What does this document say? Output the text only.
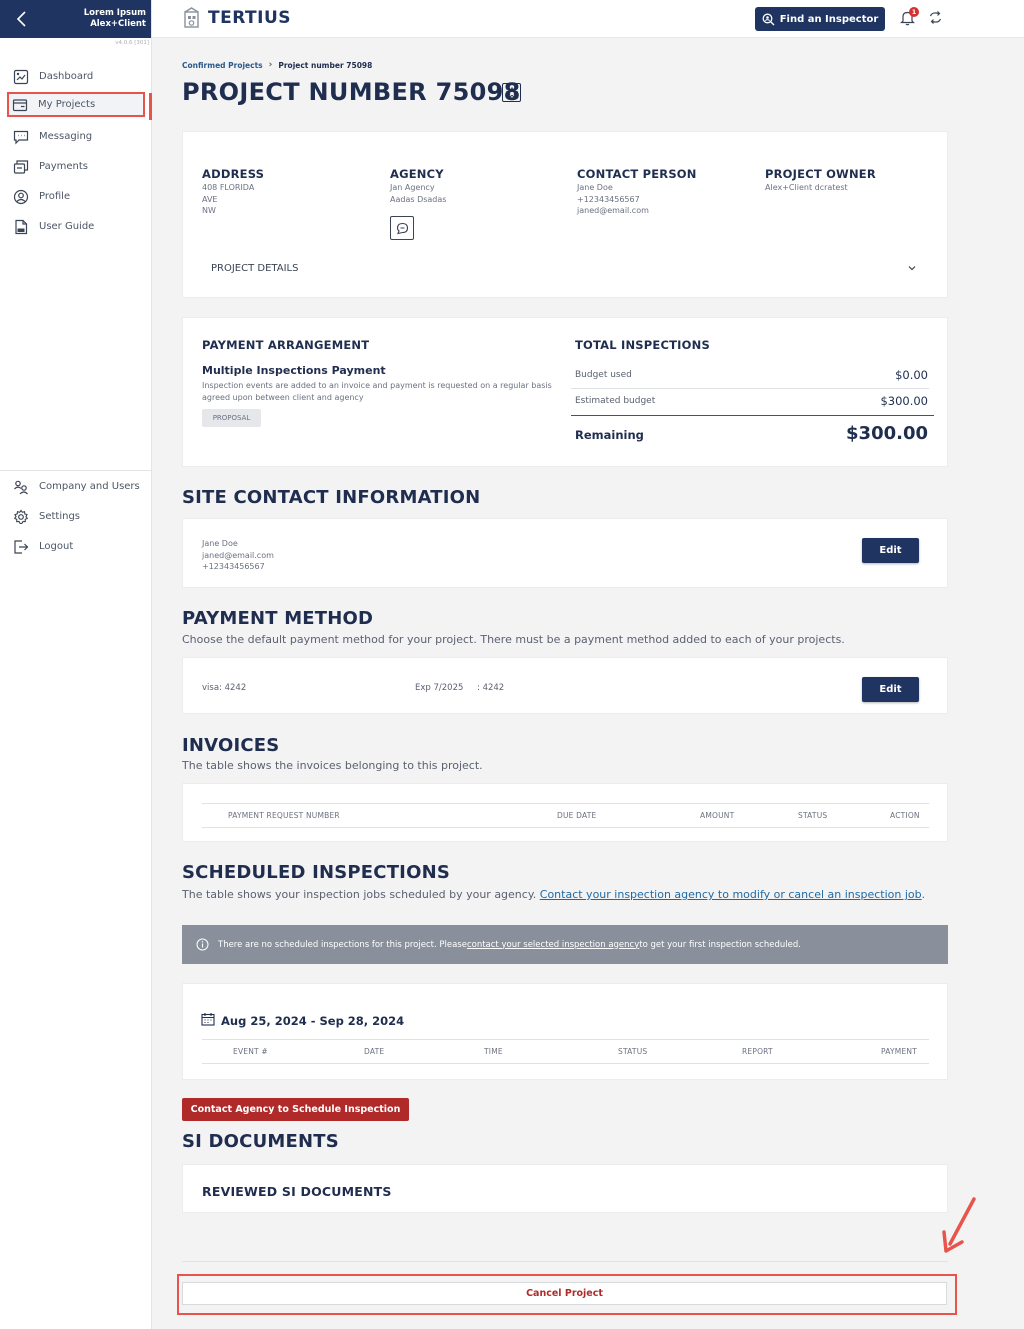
Lorem Ipsum
Alex+Client
v4.0.6 [301]
Dashboard
My Projects
Messaging
Payments
Profile
User Guide
Company and Users
Settings
Logout
TERTIUS	Find an Inspector
1
Confirmed Projects › Project number 75098
PROJECT NUMBER 75098
ADDRESS
408 FLORIDA
AVE
NW
AGENCY
Jan Agency
Aadas Dsadas
CONTACT PERSON
Jane Doe
+12343456567
janed@email.com
PROJECT OWNER
Alex+Client dcratest
PROJECT DETAILS
PAYMENT ARRANGEMENT
Multiple Inspections Payment
Inspection events are added to an invoice and payment is requested on a regular basis agreed upon between client and agency
PROPOSAL
TOTAL INSPECTIONS
Budget used	$0.00
Estimated budget	$300.00
Remaining	$300.00
SITE CONTACT INFORMATION
Jane Doe
janed@email.com
+12343456567
Edit
PAYMENT METHOD
Choose the default payment method for your project. There must be a payment method added to each of your projects.
visa: 4242	Exp 7/2025 : 4242	Edit
INVOICES
The table shows the invoices belonging to this project.
PAYMENT REQUEST NUMBER	DUE DATE	AMOUNT	STATUS	ACTION
SCHEDULED INSPECTIONS
The table shows your inspection jobs scheduled by your agency. Contact your inspection agency to modify or cancel an inspection job.
There are no scheduled inspections for this project. Please contact your selected inspection agency to get your first inspection scheduled.
Aug 25, 2024 - Sep 28, 2024
EVENT #	DATE	TIME	STATUS	REPORT	PAYMENT
Contact Agency to Schedule Inspection
SI DOCUMENTS
REVIEWED SI DOCUMENTS
Cancel Project
